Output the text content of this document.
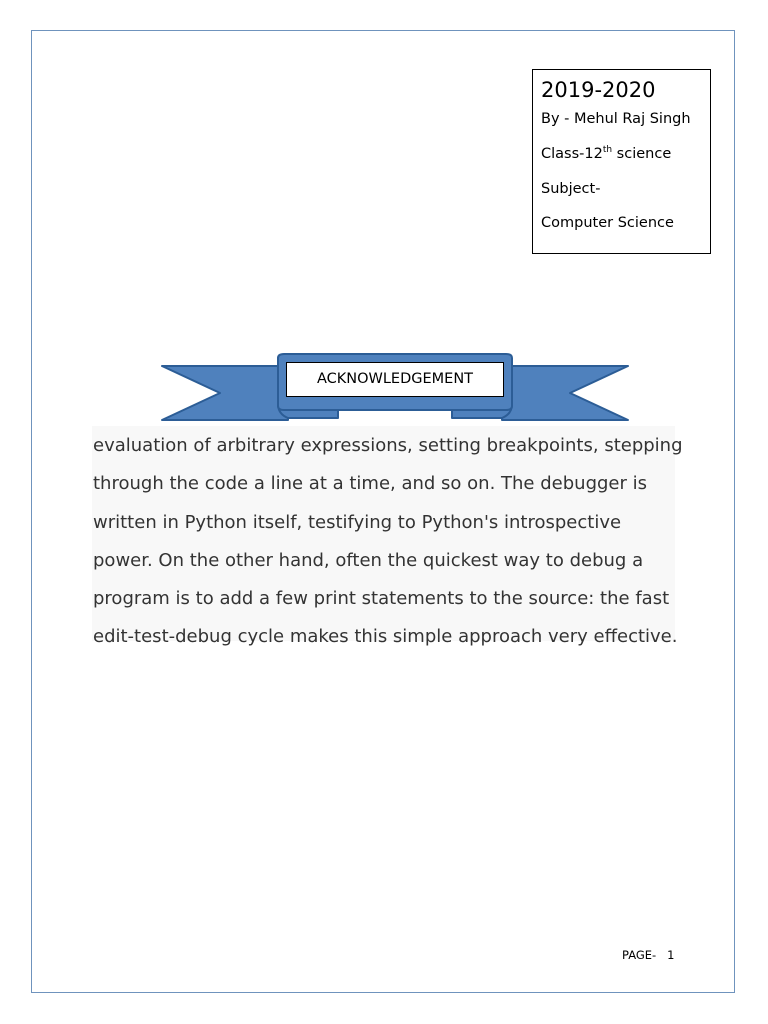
2019-2020
By - Mehul Raj Singh
Class-12th science
Subject-
Computer Science
ACKNOWLEDGEMENT
evaluation of arbitrary expressions, setting breakpoints, stepping
through the code a line at a time, and so on. The debugger is
written in Python itself, testifying to Python's introspective
power. On the other hand, often the quickest way to debug a
program is to add a few print statements to the source: the fast
edit-test-debug cycle makes this simple approach very effective.
PAGE-   1
